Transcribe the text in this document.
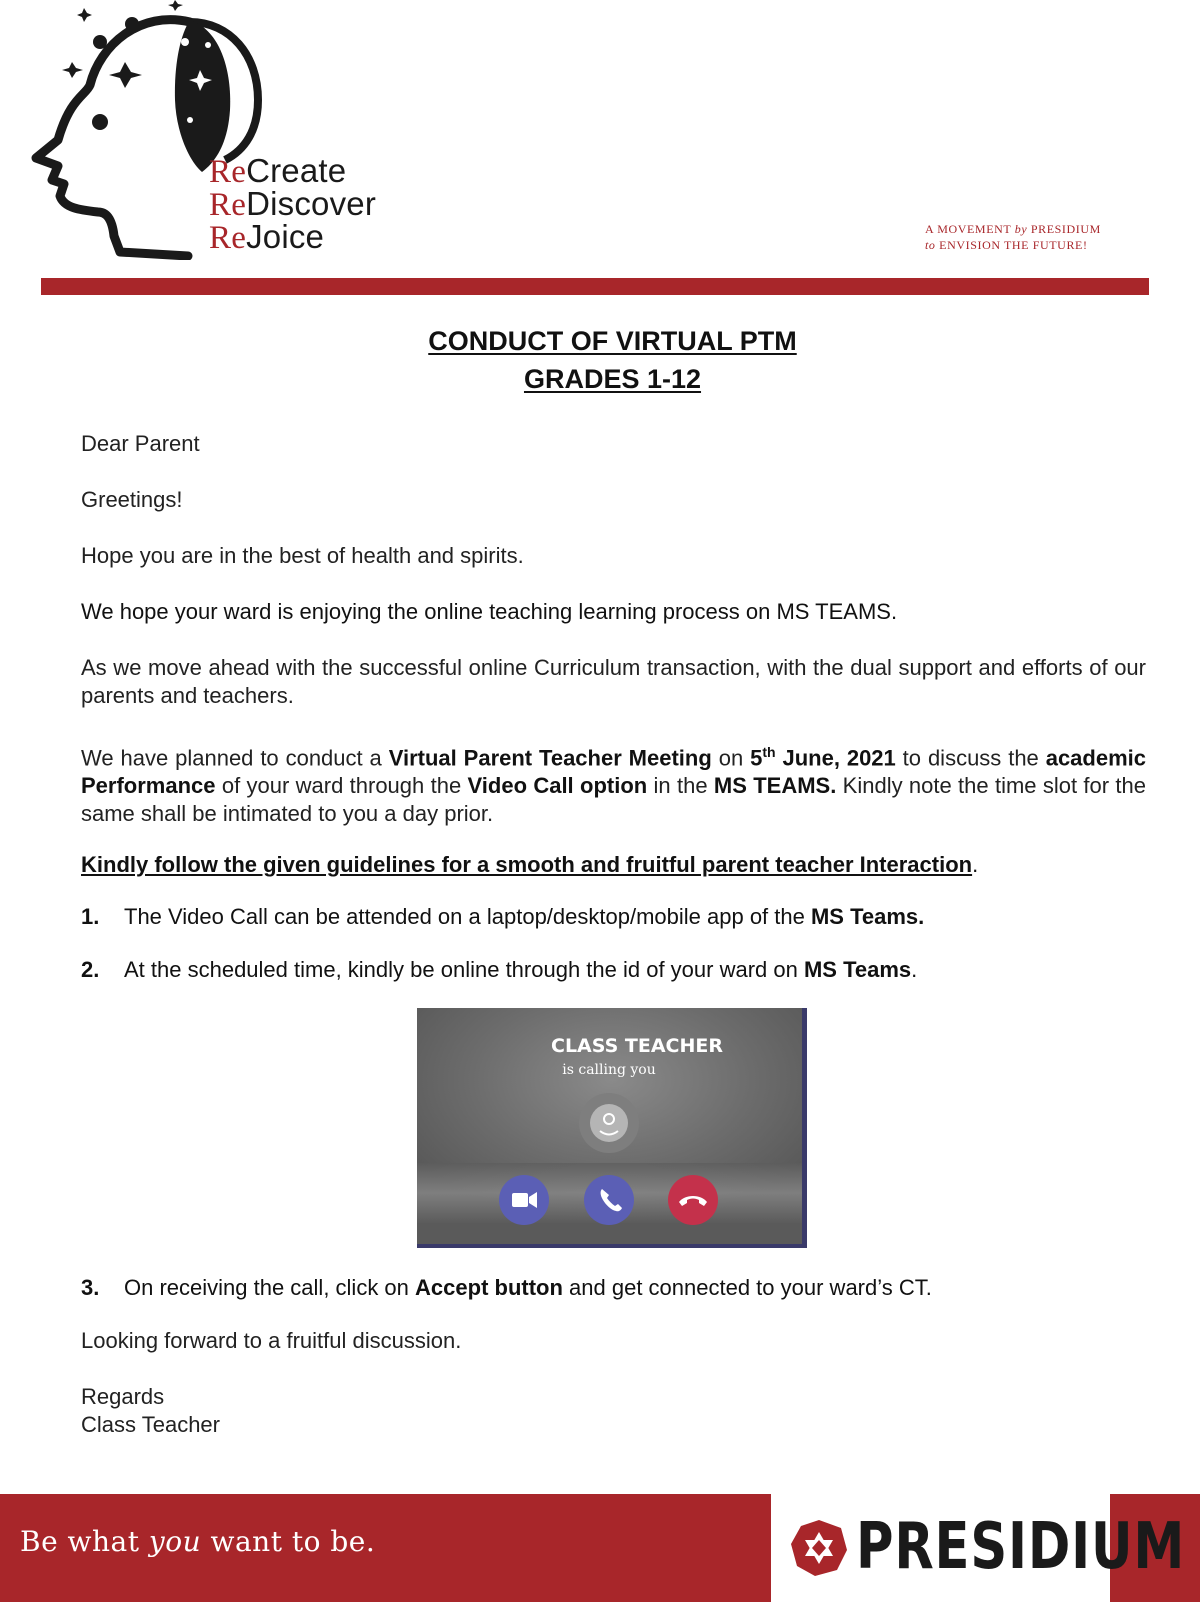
ReCreate
ReDiscover
ReJoice	A MOVEMENT by PRESIDIUM
to ENVISION THE FUTURE!
CONDUCT OF VIRTUAL PTM
GRADES 1-12
Dear Parent
Greetings!
Hope you are in the best of health and spirits.
We hope your ward is enjoying the online teaching learning process on MS TEAMS.
As we move ahead with the successful online Curriculum transaction, with the dual support and efforts of our parents and teachers.
We have planned to conduct a Virtual Parent Teacher Meeting on 5th June, 2021 to discuss the academic Performance of your ward through the Video Call option in the MS TEAMS. Kindly note the time slot for the same shall be intimated to you a day prior.
Kindly follow the given guidelines for a smooth and fruitful parent teacher Interaction.
1. The Video Call can be attended on a laptop/desktop/mobile app of the MS Teams.
2. At the scheduled time, kindly be online through the id of your ward on MS Teams.
CLASS TEACHER
is calling you
3. On receiving the call, click on Accept button and get connected to your ward’s CT.
Looking forward to a fruitful discussion.
Regards
Class Teacher
Be what you want to be.	PRESIDIUM
